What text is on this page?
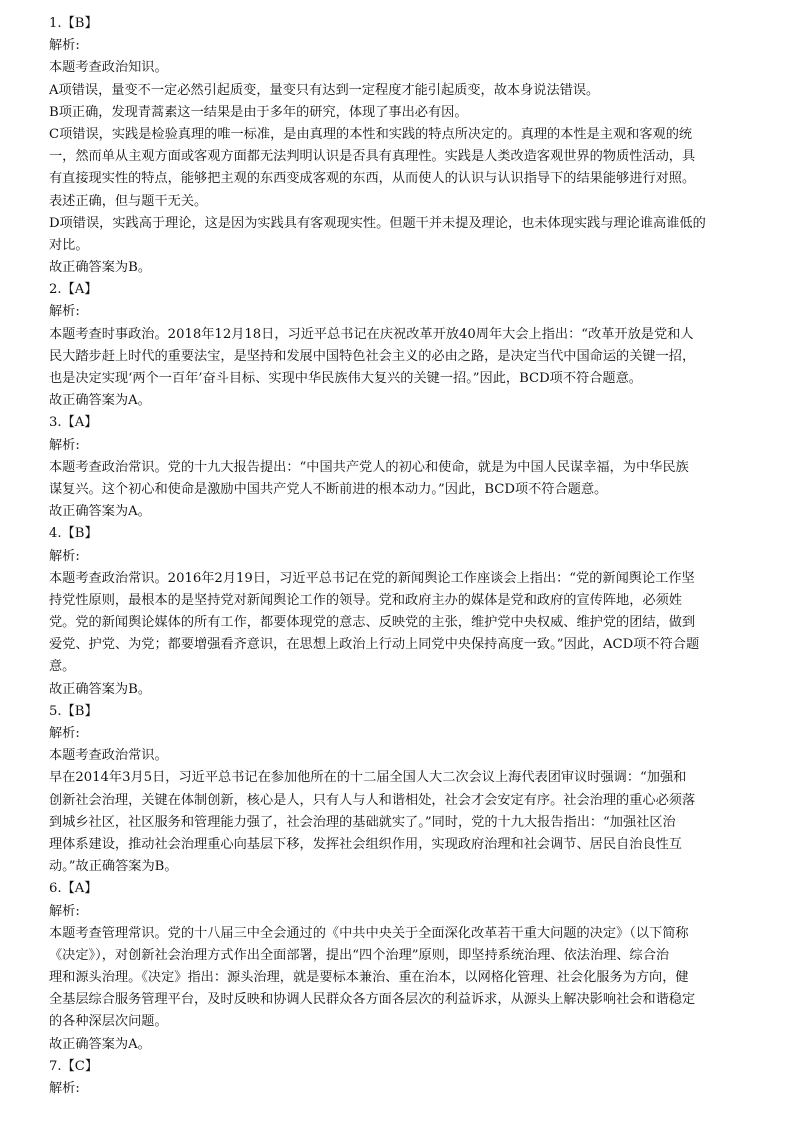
1.【B】
解析:
本题考查政治知识。
A项错误，量变不一定必然引起质变，量变只有达到一定程度才能引起质变，故本身说法错误。
B项正确，发现青蒿素这一结果是由于多年的研究，体现了事出必有因。
C项错误，实践是检验真理的唯一标准，是由真理的本性和实践的特点所决定的。真理的本性是主观和客观的统
一，然而单从主观方面或客观方面都无法判明认识是否具有真理性。实践是人类改造客观世界的物质性活动，具
有直接现实性的特点，能够把主观的东西变成客观的东西，从而使人的认识与认识指导下的结果能够进行对照。
表述正确，但与题干无关。
D项错误，实践高于理论，这是因为实践具有客观现实性。但题干并未提及理论，也未体现实践与理论谁高谁低的
对比。
故正确答案为B。
2.【A】
解析:
本题考查时事政治。2018年12月18日，习近平总书记在庆祝改革开放40周年大会上指出：“改革开放是党和人
民大踏步赶上时代的重要法宝，是坚持和发展中国特色社会主义的必由之路，是决定当代中国命运的关键一招，
也是决定实现‘两个一百年’奋斗目标、实现中华民族伟大复兴的关键一招。”因此，BCD项不符合题意。
故正确答案为A。
3.【A】
解析:
本题考查政治常识。党的十九大报告提出：“中国共产党人的初心和使命，就是为中国人民谋幸福，为中华民族
谋复兴。这个初心和使命是激励中国共产党人不断前进的根本动力。”因此，BCD项不符合题意。
故正确答案为A。
4.【B】
解析:
本题考查政治常识。2016年2月19日，习近平总书记在党的新闻舆论工作座谈会上指出：“党的新闻舆论工作坚
持党性原则，最根本的是坚持党对新闻舆论工作的领导。党和政府主办的媒体是党和政府的宣传阵地，必须姓
党。党的新闻舆论媒体的所有工作，都要体现党的意志、反映党的主张，维护党中央权威、维护党的团结，做到
爱党、护党、为党；都要增强看齐意识，在思想上政治上行动上同党中央保持高度一致。”因此，ACD项不符合题
意。
故正确答案为B。
5.【B】
解析:
本题考查政治常识。
早在2014年3月5日，习近平总书记在参加他所在的十二届全国人大二次会议上海代表团审议时强调：“加强和
创新社会治理，关键在体制创新，核心是人，只有人与人和谐相处，社会才会安定有序。社会治理的重心必须落
到城乡社区，社区服务和管理能力强了，社会治理的基础就实了。”同时，党的十九大报告指出：“加强社区治
理体系建设，推动社会治理重心向基层下移，发挥社会组织作用，实现政府治理和社会调节、居民自治良性互
动。”故正确答案为B。
6.【A】
解析:
本题考查管理常识。党的十八届三中全会通过的《中共中央关于全面深化改革若干重大问题的决定》（以下简称
《决定》），对创新社会治理方式作出全面部署，提出“四个治理”原则，即坚持系统治理、依法治理、综合治
理和源头治理。《决定》指出：源头治理，就是要标本兼治、重在治本，以网格化管理、社会化服务为方向，健
全基层综合服务管理平台，及时反映和协调人民群众各方面各层次的利益诉求，从源头上解决影响社会和谐稳定
的各种深层次问题。
故正确答案为A。
7.【C】
解析:
